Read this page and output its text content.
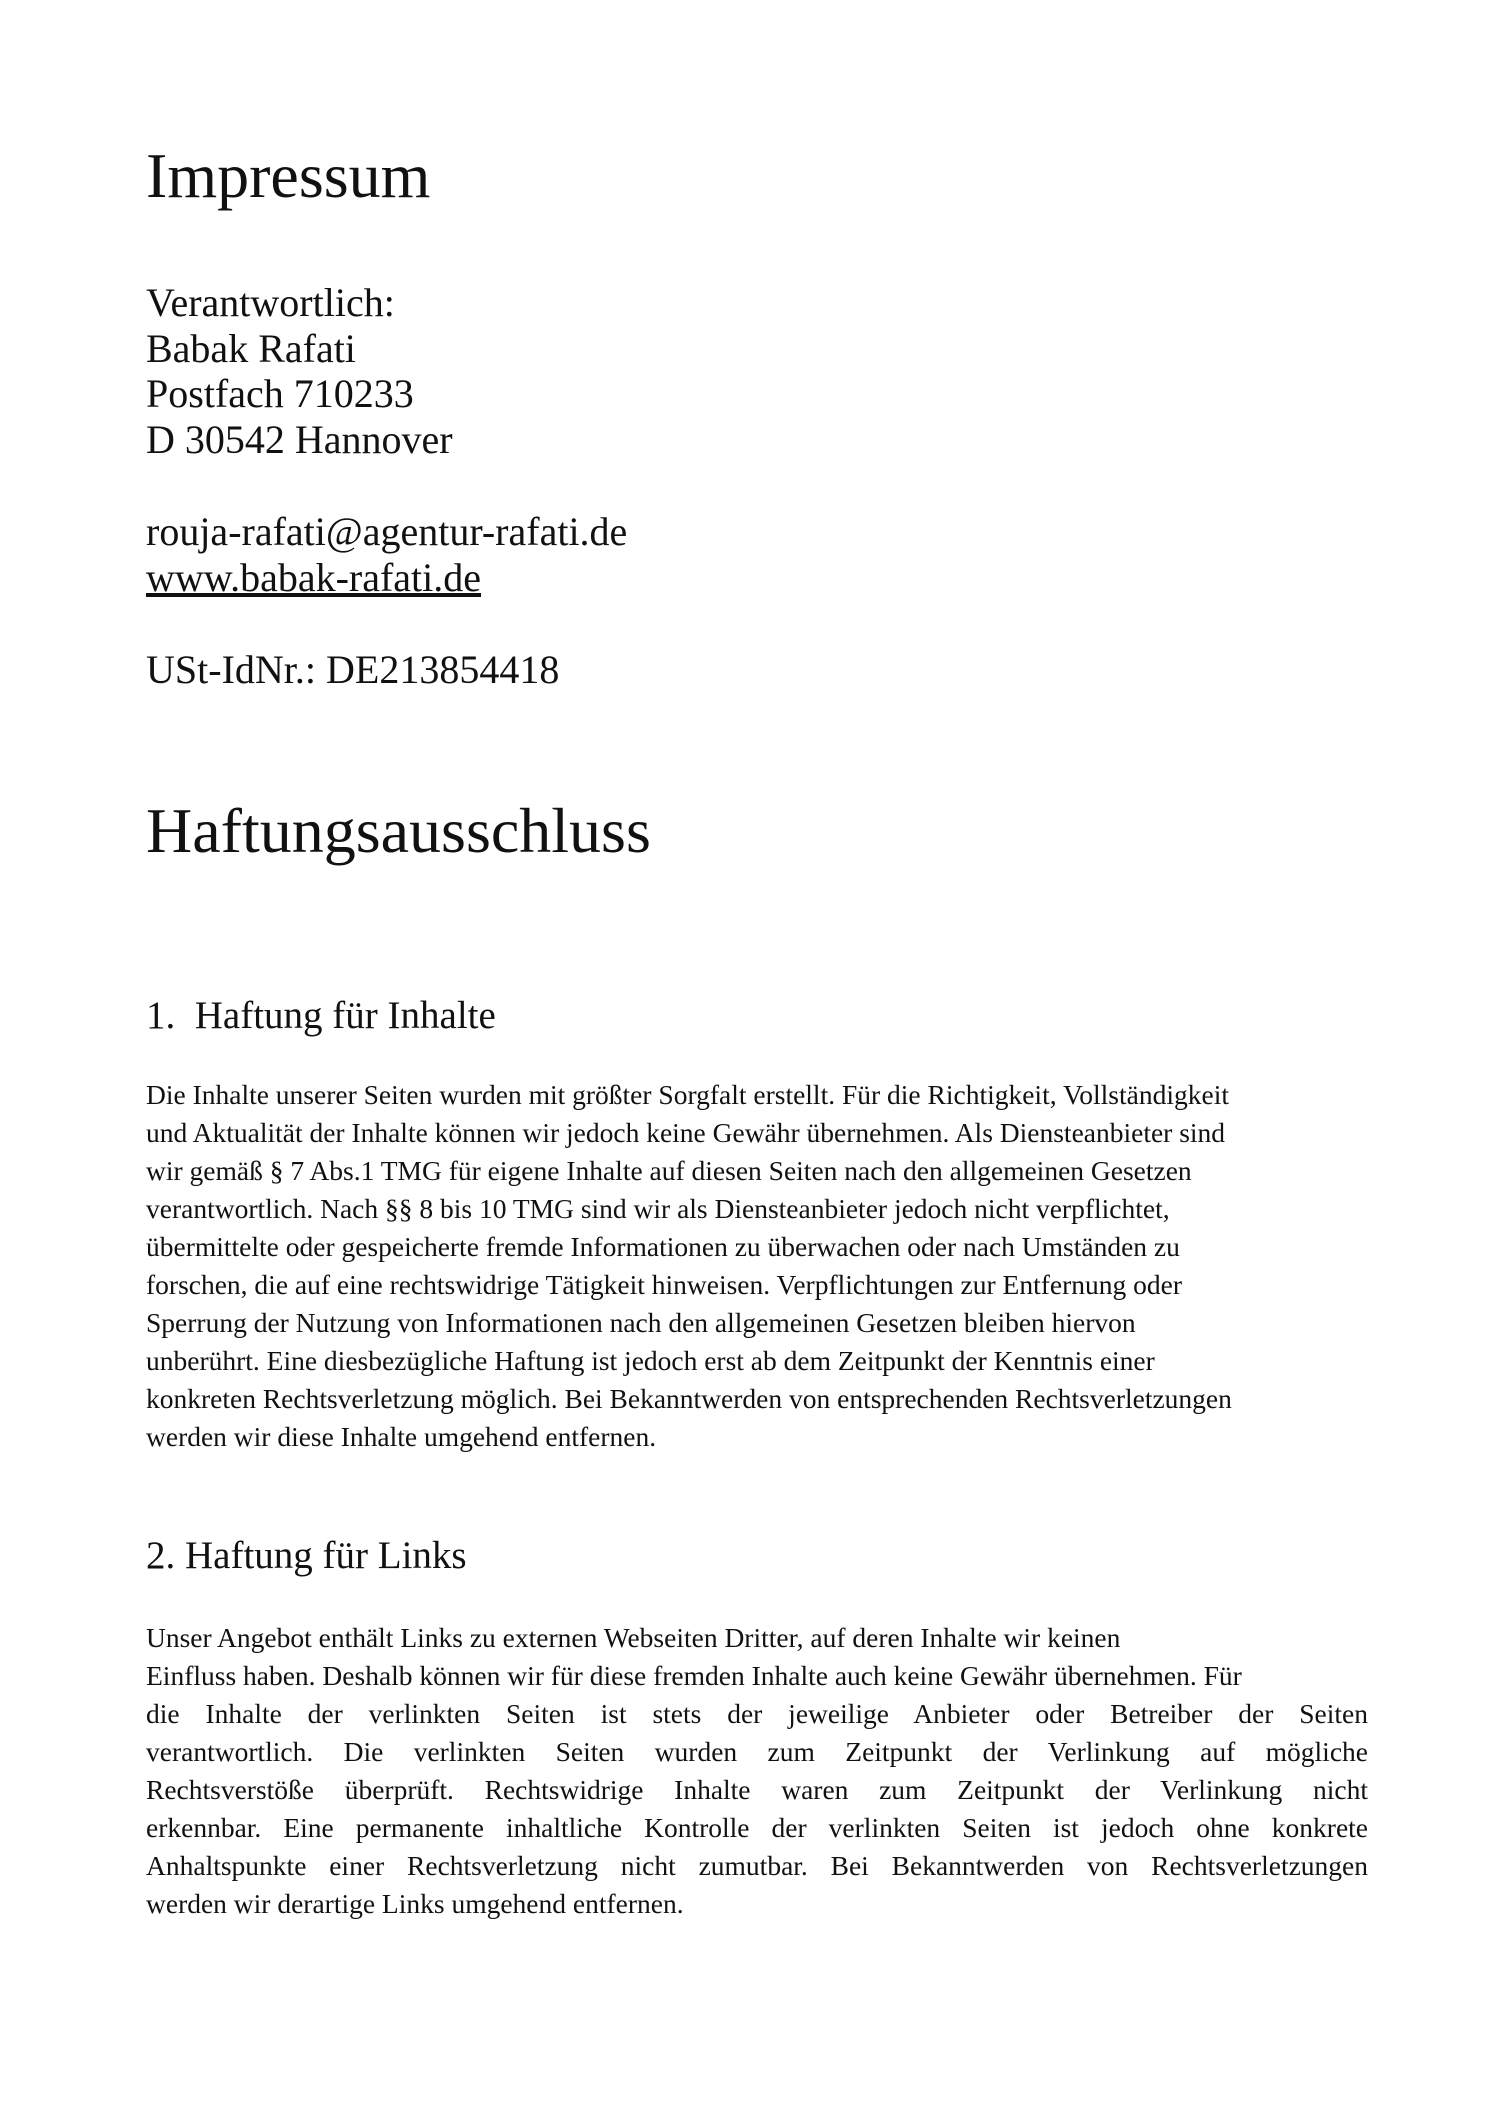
Impressum
Verantwortlich:
Babak Rafati
Postfach 710233
D 30542 Hannover
rouja-rafati@agentur-rafati.de
www.babak-rafati.de
USt-IdNr.: DE213854418
Haftungsausschluss
1.  Haftung für Inhalte
Die Inhalte unserer Seiten wurden mit größter Sorgfalt erstellt. Für die Richtigkeit, Vollständigkeit
und Aktualität der Inhalte können wir jedoch keine Gewähr übernehmen. Als Diensteanbieter sind
wir gemäß § 7 Abs.1 TMG für eigene Inhalte auf diesen Seiten nach den allgemeinen Gesetzen
verantwortlich. Nach §§ 8 bis 10 TMG sind wir als Diensteanbieter jedoch nicht verpflichtet,
übermittelte oder gespeicherte fremde Informationen zu überwachen oder nach Umständen zu
forschen, die auf eine rechtswidrige Tätigkeit hinweisen. Verpflichtungen zur Entfernung oder
Sperrung der Nutzung von Informationen nach den allgemeinen Gesetzen bleiben hiervon
unberührt. Eine diesbezügliche Haftung ist jedoch erst ab dem Zeitpunkt der Kenntnis einer
konkreten Rechtsverletzung möglich. Bei Bekanntwerden von entsprechenden Rechtsverletzungen
werden wir diese Inhalte umgehend entfernen.
2. Haftung für Links
Unser Angebot enthält Links zu externen Webseiten Dritter, auf deren Inhalte wir keinen
Einfluss haben. Deshalb können wir für diese fremden Inhalte auch keine Gewähr übernehmen. Für
die Inhalte der verlinkten Seiten ist stets der jeweilige Anbieter oder Betreiber der Seiten
verantwortlich. Die verlinkten Seiten wurden zum Zeitpunkt der Verlinkung auf mögliche
Rechtsverstöße überprüft. Rechtswidrige Inhalte waren zum Zeitpunkt der Verlinkung nicht
erkennbar. Eine permanente inhaltliche Kontrolle der verlinkten Seiten ist jedoch ohne konkrete
Anhaltspunkte einer Rechtsverletzung nicht zumutbar. Bei Bekanntwerden von Rechtsverletzungen
werden wir derartige Links umgehend entfernen.
